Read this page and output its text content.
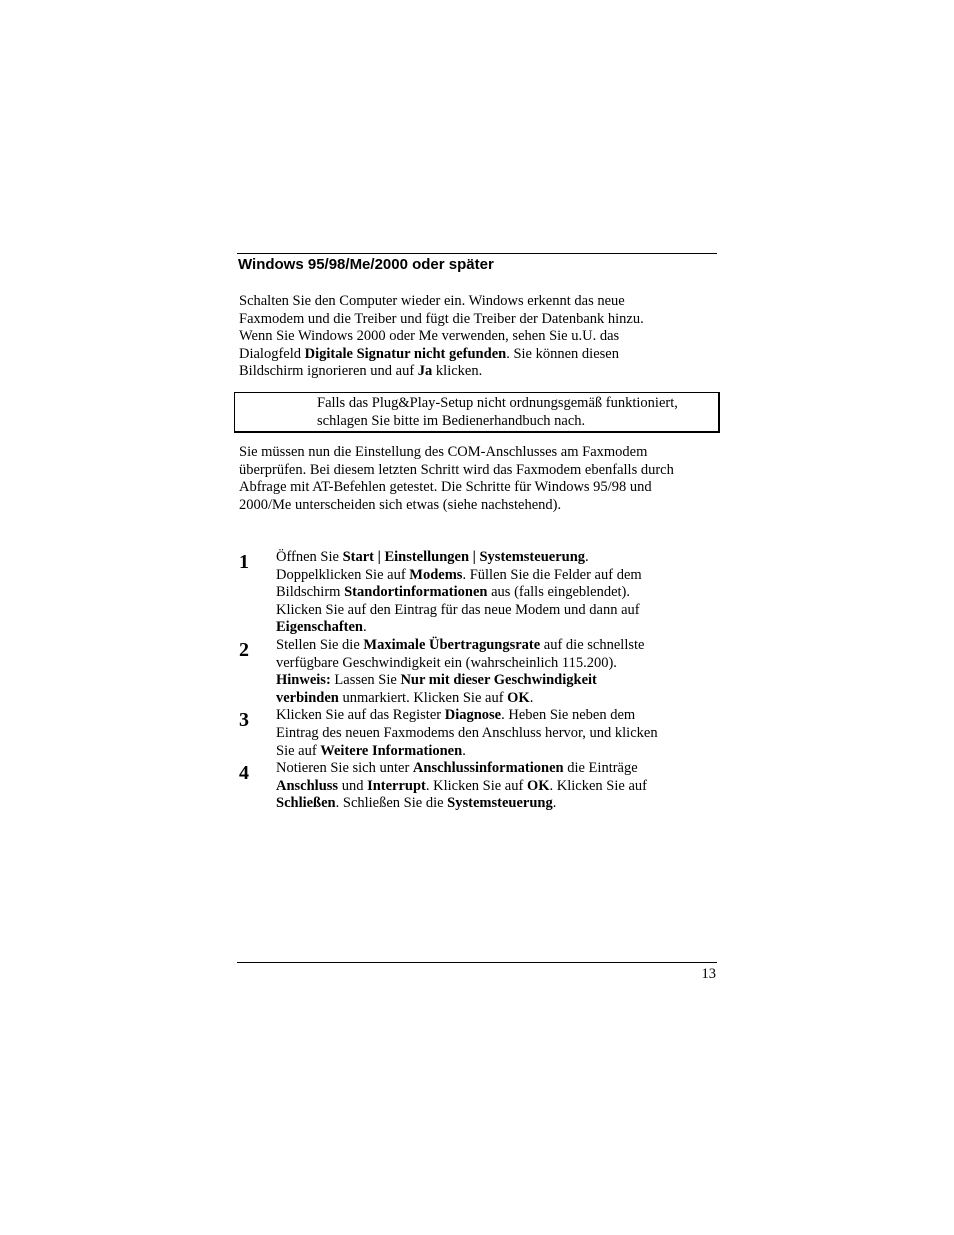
Windows 95/98/Me/2000 oder später
Schalten Sie den Computer wieder ein. Windows erkennt das neue
Faxmodem und die Treiber und fügt die Treiber der Datenbank hinzu.
Wenn Sie Windows 2000 oder Me verwenden, sehen Sie u.U. das
Dialogfeld Digitale Signatur nicht gefunden. Sie können diesen
Bildschirm ignorieren und auf Ja klicken.
Falls das Plug&Play-Setup nicht ordnungsgemäß funktioniert,
schlagen Sie bitte im Bedienerhandbuch nach.
Sie müssen nun die Einstellung des COM-Anschlusses am Faxmodem
überprüfen. Bei diesem letzten Schritt wird das Faxmodem ebenfalls durch
Abfrage mit AT-Befehlen getestet. Die Schritte für Windows 95/98 und
2000/Me unterscheiden sich etwas (siehe nachstehend).
1 Öffnen Sie Start | Einstellungen | Systemsteuerung.
Doppelklicken Sie auf Modems. Füllen Sie die Felder auf dem
Bildschirm Standortinformationen aus (falls eingeblendet).
Klicken Sie auf den Eintrag für das neue Modem und dann auf
Eigenschaften.
2 Stellen Sie die Maximale Übertragungsrate auf die schnellste
verfügbare Geschwindigkeit ein (wahrscheinlich 115.200).
Hinweis: Lassen Sie Nur mit dieser Geschwindigkeit
verbinden unmarkiert. Klicken Sie auf OK.
3 Klicken Sie auf das Register Diagnose. Heben Sie neben dem
Eintrag des neuen Faxmodems den Anschluss hervor, und klicken
Sie auf Weitere Informationen.
4 Notieren Sie sich unter Anschlussinformationen die Einträge
Anschluss und Interrupt. Klicken Sie auf OK. Klicken Sie auf
Schließen. Schließen Sie die Systemsteuerung.
13
